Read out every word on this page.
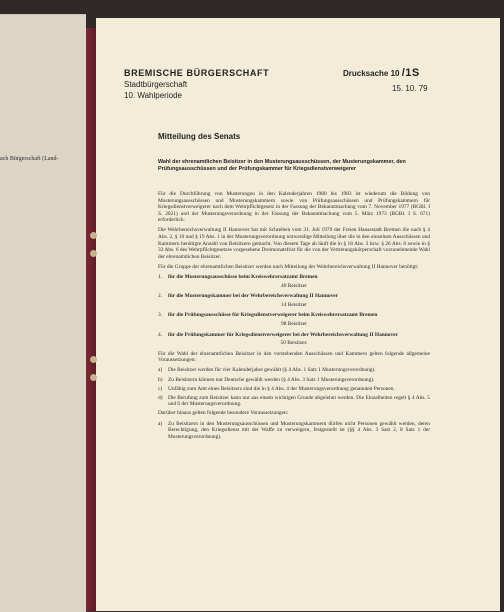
ach Bürgerschaft (Land-
BREMISCHE BÜRGERSCHAFT
Stadtbürgerschaft
10. Wahlperiode
Drucksache 10 /1S
15. 10. 79
Mitteilung des Senats
Wahl der ehrenamtlichen Beisitzer in den Musterungsausschüssen, der Musterungskammer, den Prüfungsausschüssen und der Prüfungskammer für Kriegsdienstverweigerer

Für die Durchführung von Musterungen in den Kalenderjahren 1980 bis 1983 ist wiederum die Bildung von Musterungsausschüssen und Musterungskammern sowie von Prüfungsausschüssen und Prüfungskammern für Kriegsdienstverweigerer nach dem Wehrpflichtgesetz in der Fassung der Bekanntmachung vom 7. November 1977 (BGBl. I S. 2021) und der Musterungsverordnung in der Fassung der Bekanntmachung vom 5. März 1973 (BGBl. I S. 671) erforderlich.

Die Wehrbereichsverwaltung II Hannover hat mit Schreiben vom 31. Juli 1979 der Freien Hansestadt Bremen die nach § 4 Abs. 2, § 10 und § 19 Abs. 1 in der Musterungsverordnung notwendige Mitteilung über die in den einzelnen Ausschüssen und Kammern benötigte Anzahl von Beisitzern gemacht. Von diesem Tage ab läuft die in § 18 Abs. 3 bzw. § 26 Abs. 6 sowie in § 33 Abs. 6 des Wehrpflichtgesetzes vorgesehene Dreimonatsfrist für die von der Vertretungskörperschaft vorzunehmende Wahl der ehrenamtlichen Beisitzer.

Für die Gruppe der ehrenamtlichen Beisitzer werden nach Mitteilung der Wehrbereichsverwaltung II Hannover benötigt:

1.	für die Musterungsausschüsse beim Kreiswehrersatzamt Bremen
40 Beisitzer
2.	für die Musterungskammer bei der Wehrbereichsverwaltung II Hannover
14 Beisitzer
3.	für die Prüfungsausschüsse für Kriegsdienstverweigerer beim Kreiswehrersatzamt Bremen
98 Beisitzer
4.	für die Prüfungskammer für Kriegsdienstverweigerer bei der Wehrbereichsverwaltung II Hannover
50 Beisitzer.

Für die Wahl der ehrenamtlichen Beisitzer in den vorstehenden Ausschüssen und Kammern gelten folgende allgemeine Voraussetzungen:

a)	Die Beisitzer werden für vier Kalenderjahre gewählt (§ 4 Abs. 1 Satz 1 Musterungsverordnung).
b)	Zu Beisitzern können nur Deutsche gewählt werden (§ 4 Abs. 3 Satz 1 Musterungsverordnung).
c)	Unfähig zum Amt eines Beisitzers sind die in § 4 Abs. 4 der Musterungsverordnung genannten Personen.
d)	Die Berufung zum Beisitzer kann nur aus einem wichtigen Grunde abgelehnt werden. Die Einzelheiten regelt § 4 Abs. 5 und 6 der Musterungsverordnung.

Darüber hinaus gelten folgende besondere Voraussetzungen:

a)	Zu Beisitzern in den Musterungsausschüssen und Musterungskammern dürfen nicht Personen gewählt werden, deren Berechtigung, den Kriegsdienst mit der Waffe zu verweigern, festgestellt ist (§§ 4 Abs. 3 Satz 2, 8 Satz 1 der Musterungsverordnung).
